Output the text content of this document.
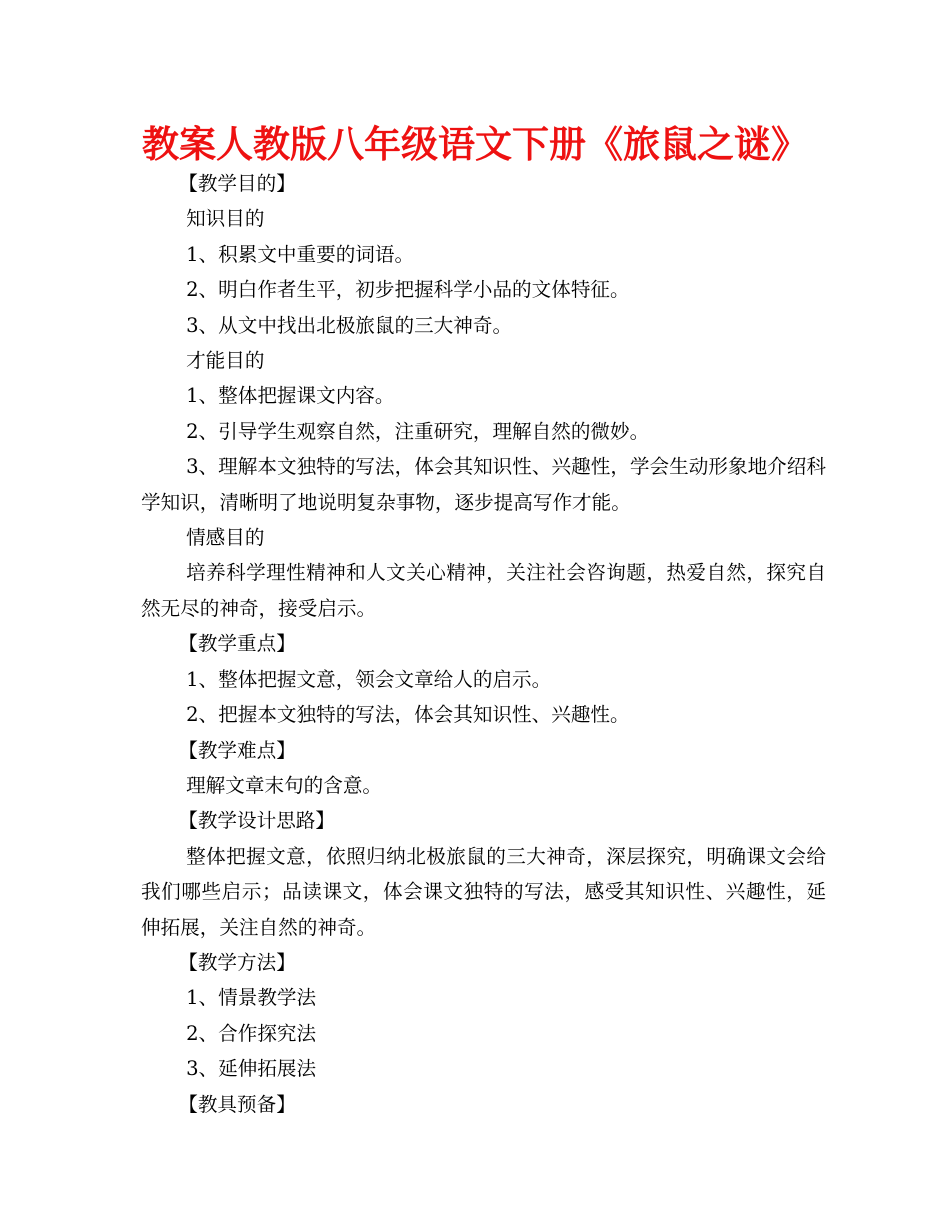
教案人教版八年级语文下册《旅鼠之谜》

【教学目的】

知识目的

1、积累文中重要的词语。

2、明白作者生平，初步把握科学小品的文体特征。

3、从文中找出北极旅鼠的三大神奇。

才能目的

1、整体把握课文内容。

2、引导学生观察自然，注重研究，理解自然的微妙。

3、理解本文独特的写法，体会其知识性、兴趣性，学会生动形象地介绍科学知识，清晰明了地说明复杂事物，逐步提高写作才能。

情感目的

培养科学理性精神和人文关心精神，关注社会咨询题，热爱自然，探究自然无尽的神奇，接受启示。

【教学重点】

1、整体把握文意，领会文章给人的启示。

2、把握本文独特的写法，体会其知识性、兴趣性。

【教学难点】

理解文章末句的含意。

【教学设计思路】

整体把握文意，依照归纳北极旅鼠的三大神奇，深层探究，明确课文会给我们哪些启示；品读课文，体会课文独特的写法，感受其知识性、兴趣性，延伸拓展，关注自然的神奇。

【教学方法】

1、情景教学法

2、合作探究法

3、延伸拓展法

【教具预备】
